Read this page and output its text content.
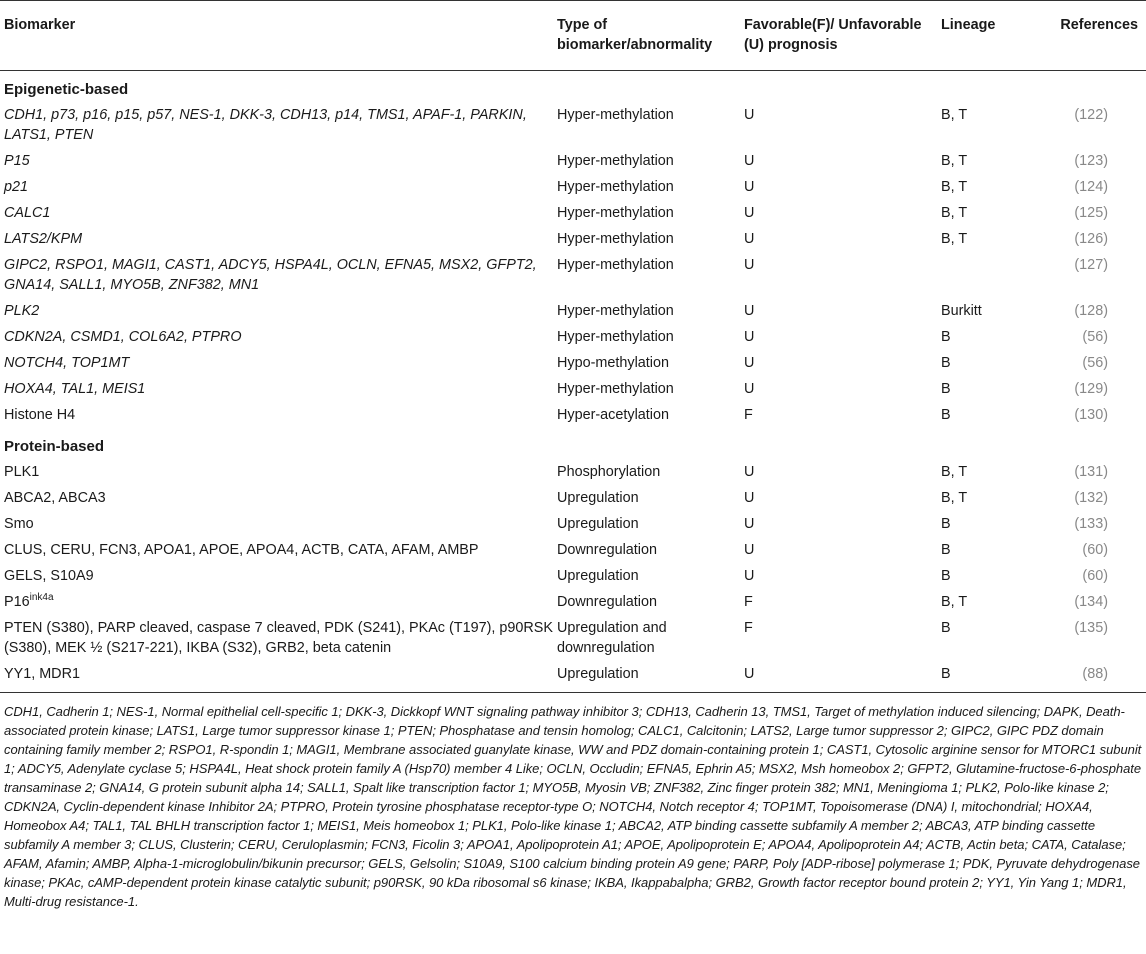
Biomarker	Type of biomarker/abnormality	Favorable(F)/ Unfavorable (U) prognosis	Lineage	References
Epigenetic-based				
CDH1, p73, p16, p15, p57, NES-1, DKK-3, CDH13, p14, TMS1, APAF-1, PARKIN, LATS1, PTEN	Hyper-methylation	U	B, T	(122)
P15	Hyper-methylation	U	B, T	(123)
p21	Hyper-methylation	U	B, T	(124)
CALC1	Hyper-methylation	U	B, T	(125)
LATS2/KPM	Hyper-methylation	U	B, T	(126)
GIPC2, RSPO1, MAGI1, CAST1, ADCY5, HSPA4L, OCLN, EFNA5, MSX2, GFPT2, GNA14, SALL1, MYO5B, ZNF382, MN1	Hyper-methylation	U		(127)
PLK2	Hyper-methylation	U	Burkitt	(128)
CDKN2A, CSMD1, COL6A2, PTPRO	Hyper-methylation	U	B	(56)
NOTCH4, TOP1MT	Hypo-methylation	U	B	(56)
HOXA4, TAL1, MEIS1	Hyper-methylation	U	B	(129)
Histone H4	Hyper-acetylation	F	B	(130)
Protein-based				
PLK1	Phosphorylation	U	B, T	(131)
ABCA2, ABCA3	Upregulation	U	B, T	(132)
Smo	Upregulation	U	B	(133)
CLUS, CERU, FCN3, APOA1, APOE, APOA4, ACTB, CATA, AFAM, AMBP	Downregulation	U	B	(60)
GELS, S10A9	Upregulation	U	B	(60)
$P16^{ink4a}$	Downregulation	F	B, T	(134)
PTEN (S380), PARP cleaved, caspase 7 cleaved, PDK (S241), PKAc (T197), p90RSK (S380), MEK ½ (S217-221), IKBA (S32), GRB2, beta catenin	Upregulation and downregulation	F	B	(135)
YY1, MDR1	Upregulation	U	B	(88)
CDH1, Cadherin 1; NES-1, Normal epithelial cell-specific 1; DKK-3, Dickkopf WNT signaling pathway inhibitor 3; CDH13, Cadherin 13, TMS1, Target of methylation induced silencing; DAPK, Death-associated protein kinase; LATS1, Large tumor suppressor kinase 1; PTEN; Phosphatase and tensin homolog; CALC1, Calcitonin; LATS2, Large tumor suppressor 2; GIPC2, GIPC PDZ domain containing family member 2; RSPO1, R-spondin 1; MAGI1, Membrane associated guanylate kinase, WW and PDZ domain-containing protein 1; CAST1, Cytosolic arginine sensor for MTORC1 subunit 1; ADCY5, Adenylate cyclase 5; HSPA4L, Heat shock protein family A (Hsp70) member 4 Like; OCLN, Occludin; EFNA5, Ephrin A5; MSX2, Msh homeobox 2; GFPT2, Glutamine-fructose-6-phosphate transaminase 2; GNA14, G protein subunit alpha 14; SALL1, Spalt like transcription factor 1; MYO5B, Myosin VB; ZNF382, Zinc finger protein 382; MN1, Meningioma 1; PLK2, Polo-like kinase 2; CDKN2A, Cyclin-dependent kinase Inhibitor 2A; PTPRO, Protein tyrosine phosphatase receptor-type O; NOTCH4, Notch receptor 4; TOP1MT, Topoisomerase (DNA) I, mitochondrial; HOXA4, Homeobox A4; TAL1, TAL BHLH transcription factor 1; MEIS1, Meis homeobox 1; PLK1, Polo-like kinase 1; ABCA2, ATP binding cassette subfamily A member 2; ABCA3, ATP binding cassette subfamily A member 3; CLUS, Clusterin; CERU, Ceruloplasmin; FCN3, Ficolin 3; APOA1, Apolipoprotein A1; APOE, Apolipoprotein E; APOA4, Apolipoprotein A4; ACTB, Actin beta; CATA, Catalase; AFAM, Afamin; AMBP, Alpha-1-microglobulin/bikunin precursor; GELS, Gelsolin; S10A9, S100 calcium binding protein A9 gene; PARP, Poly [ADP-ribose] polymerase 1; PDK, Pyruvate dehydrogenase kinase; PKAc, cAMP-dependent protein kinase catalytic subunit; p90RSK, 90 kDa ribosomal s6 kinase; IKBA, Ikappabalpha; GRB2, Growth factor receptor bound protein 2; YY1, Yin Yang 1; MDR1, Multi-drug resistance-1.
